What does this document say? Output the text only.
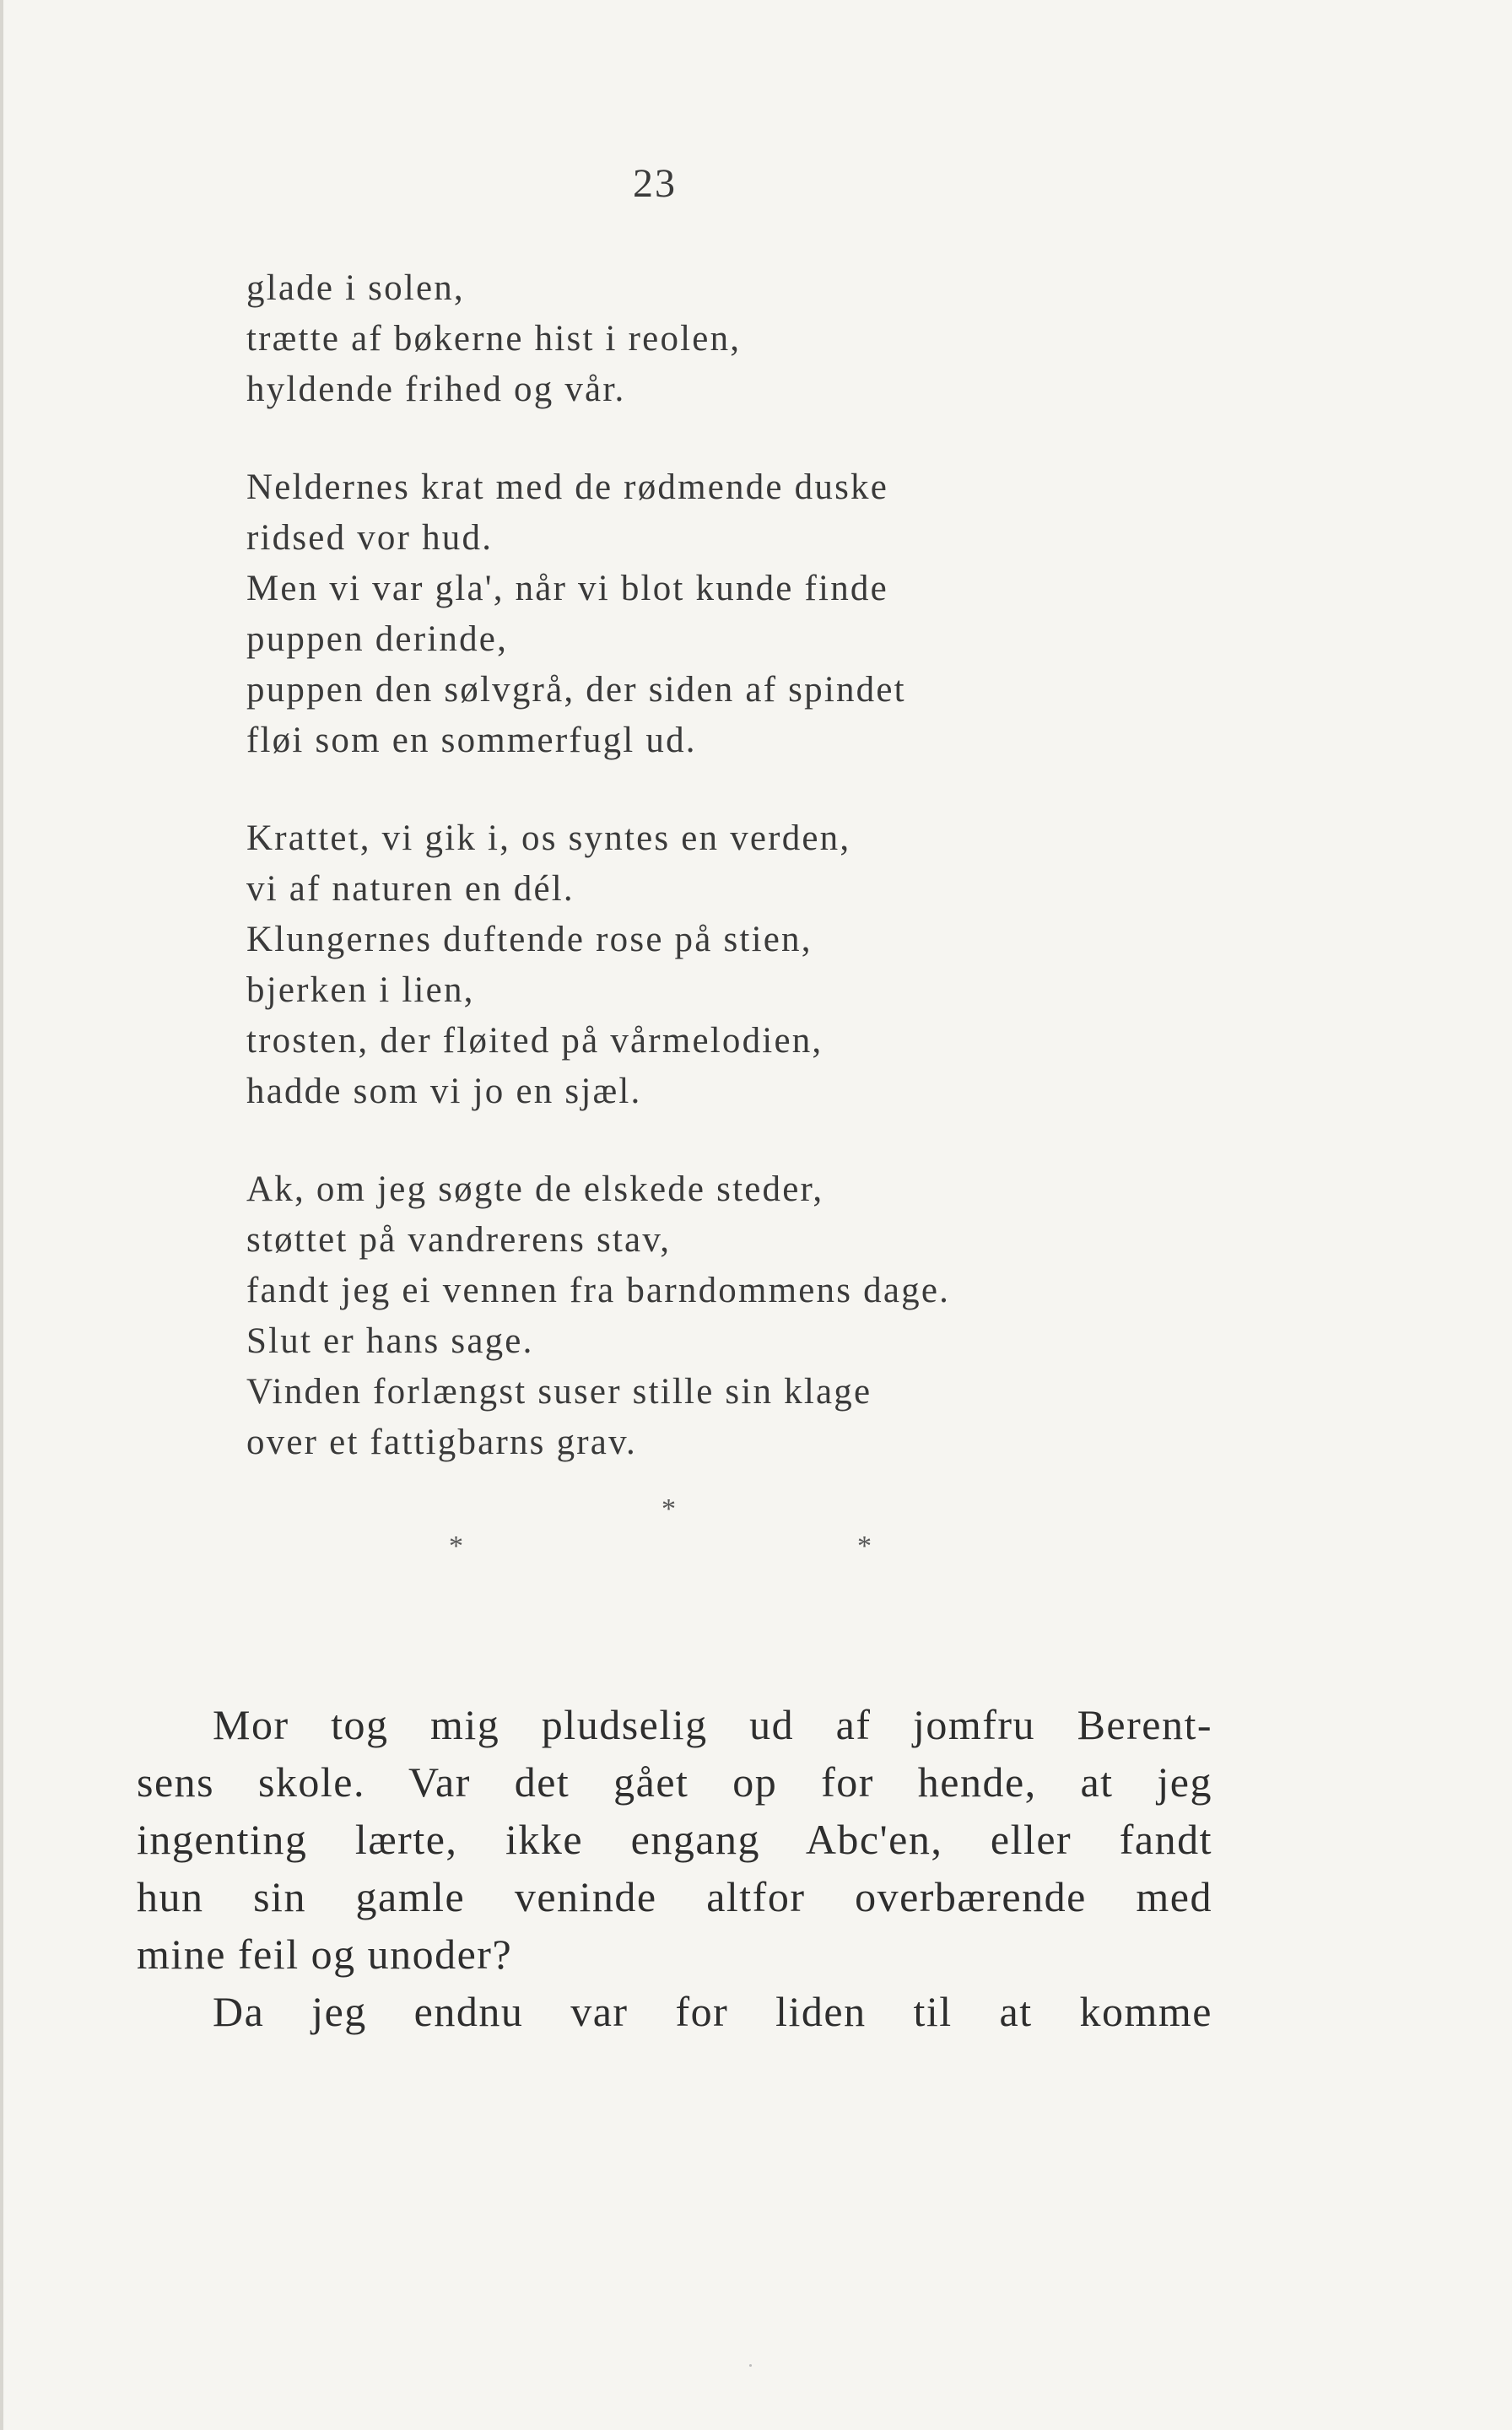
23
glade i solen,
trætte af bøkerne hist i reolen,
hyldende frihed og vår.
Neldernes krat med de rødmende duske
ridsed vor hud.
Men vi var gla', når vi blot kunde finde
puppen derinde,
puppen den sølvgrå, der siden af spindet
fløi som en sommerfugl ud.
Krattet, vi gik i, os syntes en verden,
vi af naturen en dél.
Klungernes duftende rose på stien,
bjerken i lien,
trosten, der fløited på vårmelodien,
hadde som vi jo en sjæl.
Ak, om jeg søgte de elskede steder,
støttet på vandrerens stav,
fandt jeg ei vennen fra barndommens dage.
Slut er hans sage.
Vinden forlængst suser stille sin klage
over et fattigbarns grav.
*
*	*
Mor tog mig pludselig ud af jomfru Berent-
sens skole. Var det gået op for hende, at jeg
ingenting lærte, ikke engang Abc'en, eller fandt
hun sin gamle veninde altfor overbærende med
mine feil og unoder?
Da jeg endnu var for liden til at komme
